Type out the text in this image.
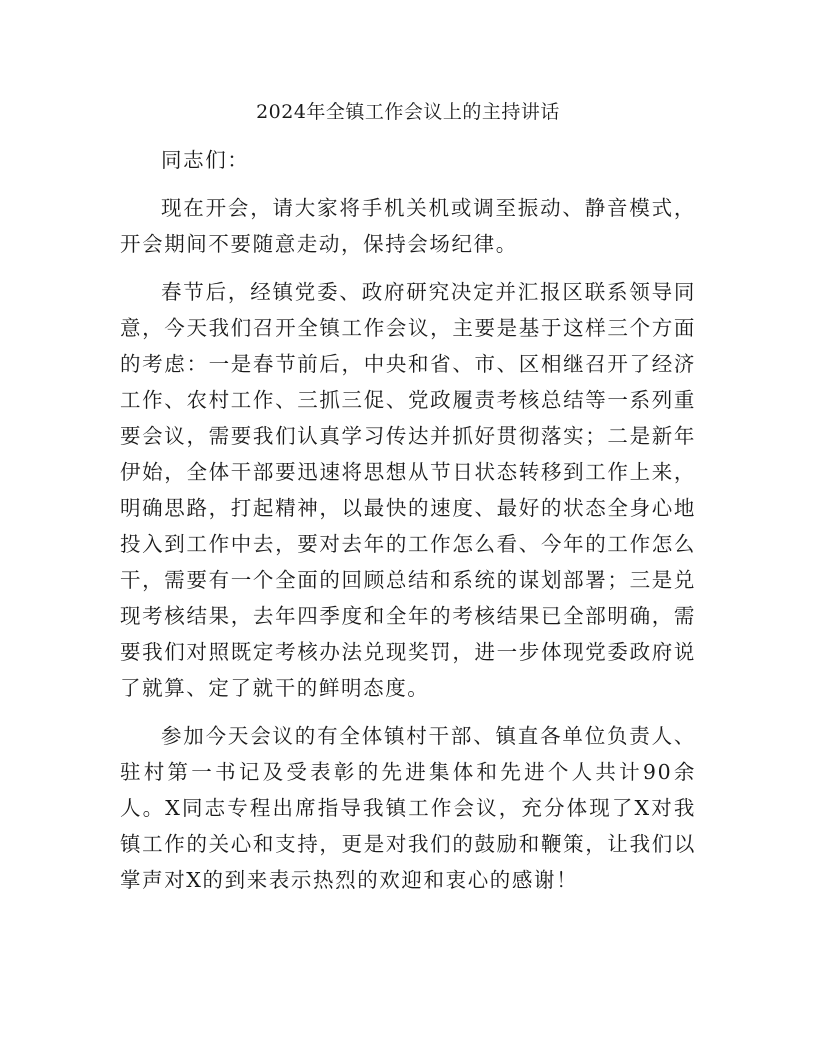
2024年全镇工作会议上的主持讲话

同志们：

现在开会，请大家将手机关机或调至振动、静音模式，开会期间不要随意走动，保持会场纪律。

春节后，经镇党委、政府研究决定并汇报区联系领导同意，今天我们召开全镇工作会议，主要是基于这样三个方面的考虑：一是春节前后，中央和省、市、区相继召开了经济工作、农村工作、三抓三促、党政履责考核总结等一系列重要会议，需要我们认真学习传达并抓好贯彻落实；二是新年伊始，全体干部要迅速将思想从节日状态转移到工作上来，明确思路，打起精神，以最快的速度、最好的状态全身心地投入到工作中去，要对去年的工作怎么看、今年的工作怎么干，需要有一个全面的回顾总结和系统的谋划部署；三是兑现考核结果，去年四季度和全年的考核结果已全部明确，需要我们对照既定考核办法兑现奖罚，进一步体现党委政府说了就算、定了就干的鲜明态度。

参加今天会议的有全体镇村干部、镇直各单位负责人、驻村第一书记及受表彰的先进集体和先进个人共计90余人。X同志专程出席指导我镇工作会议，充分体现了X对我镇工作的关心和支持，更是对我们的鼓励和鞭策，让我们以掌声对X的到来表示热烈的欢迎和衷心的感谢！
